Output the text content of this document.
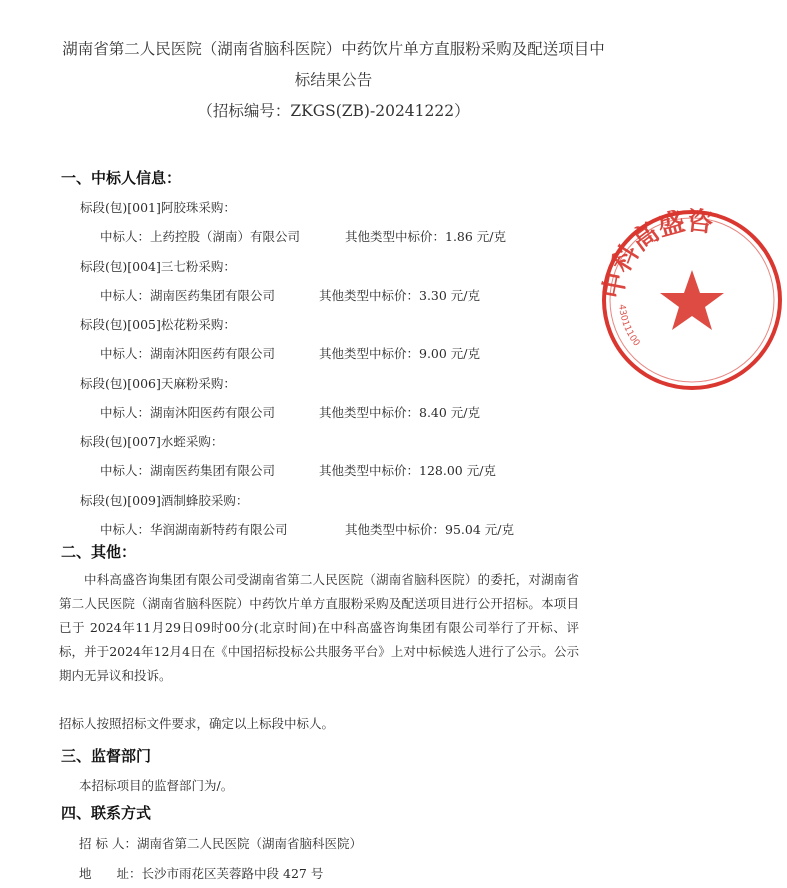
湖南省第二人民医院（湖南省脑科医院）中药饮片单方直服粉采购及配送项目中
标结果公告
（招标编号：ZKGS(ZB)-20241222）
一、中标人信息：
标段(包)[001]阿胶珠采购：
中标人：上药控股（湖南）有限公司	其他类型中标价：1.86 元/克
标段(包)[004]三七粉采购：
中标人：湖南医药集团有限公司	其他类型中标价：3.30 元/克
标段(包)[005]松花粉采购：
中标人：湖南沐阳医药有限公司	其他类型中标价：9.00 元/克
标段(包)[006]天麻粉采购：
中标人：湖南沐阳医药有限公司	其他类型中标价：8.40 元/克
标段(包)[007]水蛭采购：
中标人：湖南医药集团有限公司	其他类型中标价：128.00 元/克
标段(包)[009]酒制蜂胶采购：
中标人：华润湖南新特药有限公司	其他类型中标价：95.04 元/克
二、其他：

中科高盛咨询集团有限公司受湖南省第二人民医院（湖南省脑科医院）的委托，对湖南省第二人民医院（湖南省脑科医院）中药饮片单方直服粉采购及配送项目进行公开招标。本项目已于 2024年11月29日09时00分(北京时间)在中科高盛咨询集团有限公司举行了开标、评标，并于2024年12月4日在《中国招标投标公共服务平台》上对中标候选人进行了公示。公示期内无异议和投诉。

招标人按照招标文件要求，确定以上标段中标人。
三、监督部门
本招标项目的监督部门为/。
四、联系方式
招 标 人：湖南省第二人民医院（湖南省脑科医院）
地　　址：长沙市雨花区芙蓉路中段 427 号
中科高盛咨
43011100
